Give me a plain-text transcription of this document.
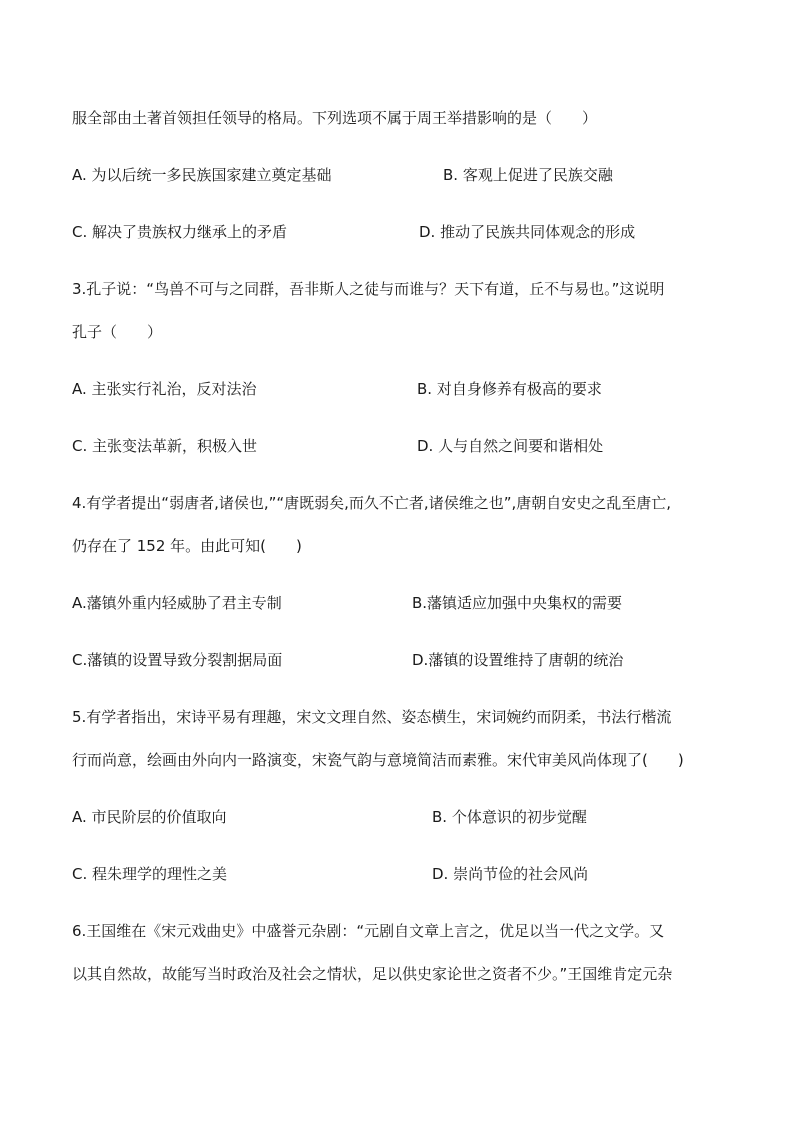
服全部由土著首领担任领导的格局。下列选项不属于周王举措影响的是（　　）
A. 为以后统一多民族国家建立奠定基础	B. 客观上促进了民族交融
C. 解决了贵族权力继承上的矛盾	D. 推动了民族共同体观念的形成
3.孔子说：“鸟兽不可与之同群，吾非斯人之徒与而谁与？天下有道，丘不与易也。”这说明
孔子（　　）
A. 主张实行礼治，反对法治	B. 对自身修养有极高的要求
C. 主张变法革新，积极入世	D. 人与自然之间要和谐相处
4.有学者提出“弱唐者,诸侯也,”“唐既弱矣,而久不亡者,诸侯维之也”,唐朝自安史之乱至唐亡,
仍存在了 152 年。由此可知(　　)
A.藩镇外重内轻威胁了君主专制	B.藩镇适应加强中央集权的需要
C.藩镇的设置导致分裂割据局面	D.藩镇的设置维持了唐朝的统治
5.有学者指出，宋诗平易有理趣，宋文文理自然、姿态横生，宋词婉约而阴柔，书法行楷流
行而尚意，绘画由外向内一路演变，宋瓷气韵与意境简洁而素雅。宋代审美风尚体现了(　　)
A. 市民阶层的价值取向	B. 个体意识的初步觉醒
C. 程朱理学的理性之美	D. 崇尚节俭的社会风尚
6.王国维在《宋元戏曲史》中盛誉元杂剧：“元剧自文章上言之，优足以当一代之文学。又
以其自然故，故能写当时政治及社会之情状，足以供史家论世之资者不少。”王国维肯定元杂
